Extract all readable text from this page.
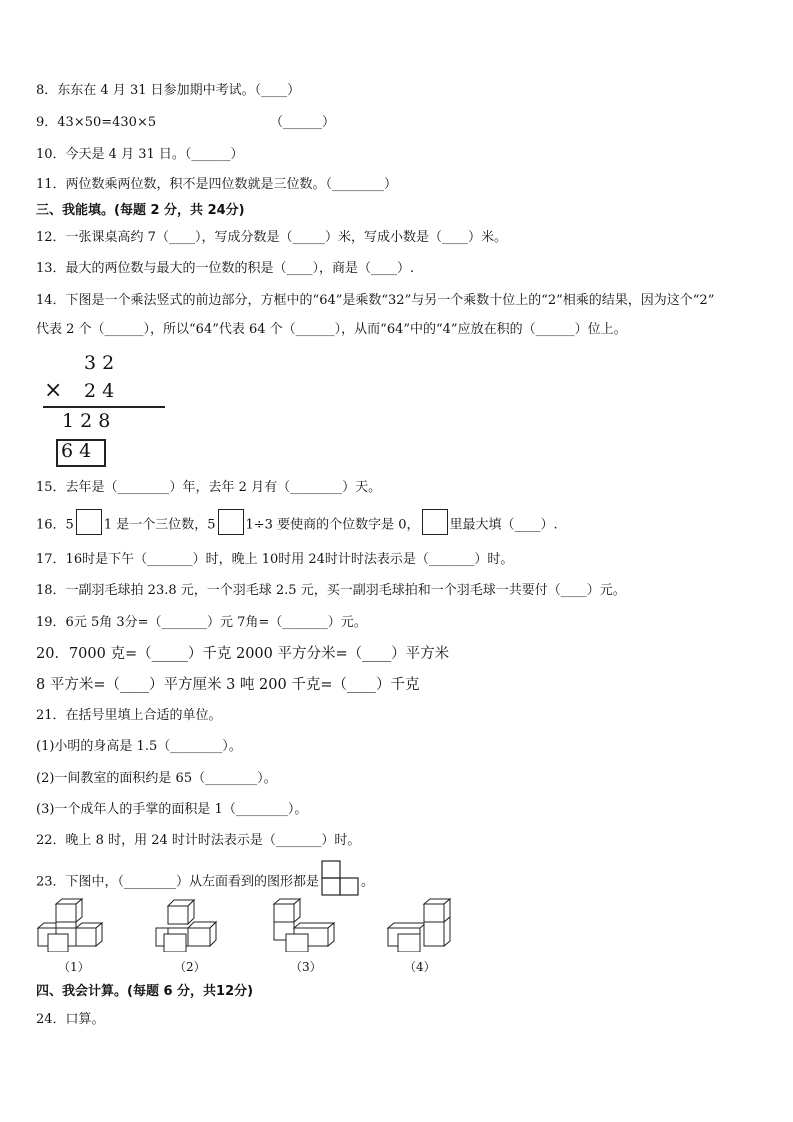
8．东东在 4 月 31 日参加期中考试。（____）
9．43×50=430×5	（______）
10．今天是 4 月 31 日。（______）
11．两位数乘两位数，积不是四位数就是三位数。（________）
三、我能填。(每题 2 分，共 24分)
12．一张课桌高约 7（____），写成分数是（_____）米，写成小数是（____）米。
13．最大的两位数与最大的一位数的积是（____），商是（____）.
14．下图是一个乘法竖式的前边部分，方框中的“64”是乘数“32”与另一个乘数十位上的“2”相乘的结果，因为这个“2”
代表 2 个（______），所以“64”代表 64 个（______），从而“64”中的“4”应放在积的（______）位上。
3 2
× 2 4
1 2 8
6 4
15．去年是（________）年，去年 2 月有（________）天。
16．5 1 是一个三位数，5 1÷3 要使商的个位数字是 0， 里最大填（____）.
17．16时是下午（_______）时，晚上 10时用 24时计时法表示是（_______）时。
18．一副羽毛球拍 23.8 元，一个羽毛球 2.5 元，买一副羽毛球拍和一个羽毛球一共要付（____）元。
19．6元 5角 3分=（_______）元 7角=（_______）元。
20．7000 克=（_____）千克 2000 平方分米=（____）平方米
8 平方米=（____）平方厘米 3 吨 200 千克=（____）千克
21．在括号里填上合适的单位。
(1)小明的身高是 1.5（________）。
(2)一间教室的面积约是 65（________）。
(3)一个成年人的手掌的面积是 1（________）。
22．晚上 8 时，用 24 时计时法表示是（_______）时。
23．下图中，（________）从左面看到的图形都是	。
（1）	（2）	（3）	（4）
四、我会计算。(每题 6 分，共12分)
24．口算。
